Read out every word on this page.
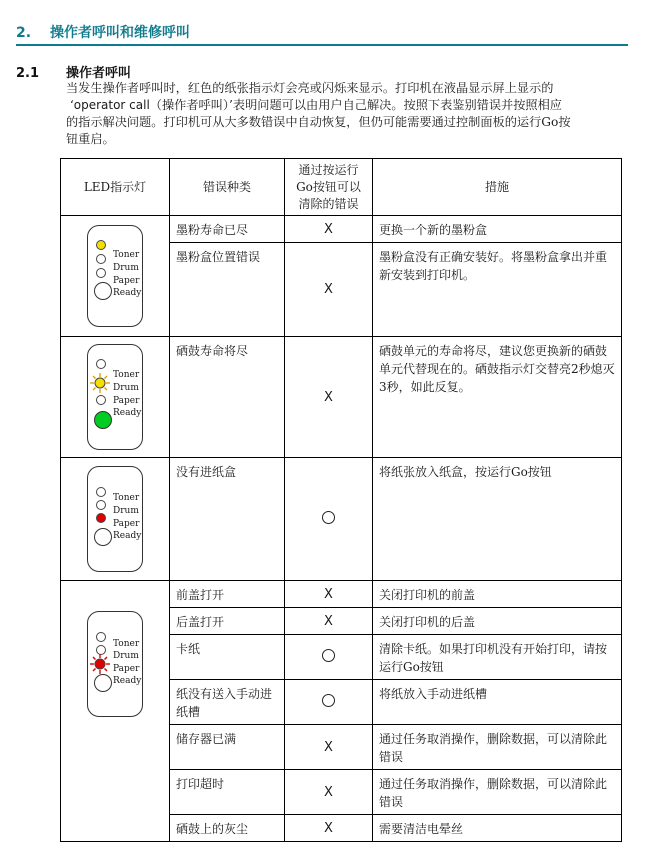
2. 操作者呼叫和维修呼叫
2.1 操作者呼叫

当发生操作者呼叫时，红色的纸张指示灯会亮或闪烁来显示。打印机在液晶显示屏上显示的

‘operator call（操作者呼叫）’表明问题可以由用户自己解决。按照下表鉴别错误并按照相应

的指示解决问题。打印机可从大多数错误中自动恢复，但仍可能需要通过控制面板的运行Go按

钮重启。

LED指示灯	错误种类	通过按运行Go按钮可以清除的错误	措施

Toner
Drum
Paper
Ready	墨粉寿命已尽	X	更换一个新的墨粉盒
	墨粉盒位置错误	X	墨粉盒没有正确安装好。将墨粉盒拿出并重新安装到打印机。

Toner
Drum
Paper
Ready	硒鼓寿命将尽	X	硒鼓单元的寿命将尽，建议您更换新的硒鼓单元代替现在的。硒鼓指示灯交替亮2秒熄灭3秒，如此反复。

Toner
Drum
Paper
Ready	没有进纸盒		将纸张放入纸盒，按运行Go按钮

Toner
Drum
Paper
Ready	前盖打开	X	关闭打印机的前盖
	后盖打开	X	关闭打印机的后盖
	卡纸		清除卡纸。如果打印机没有开始打印，请按运行Go按钮
	纸没有送入手动进纸槽		将纸放入手动进纸槽
	储存器已满	X	通过任务取消操作，删除数据，可以清除此错误
	打印超时	X	通过任务取消操作，删除数据，可以清除此错误
	硒鼓上的灰尘	X	需要清洁电晕丝
